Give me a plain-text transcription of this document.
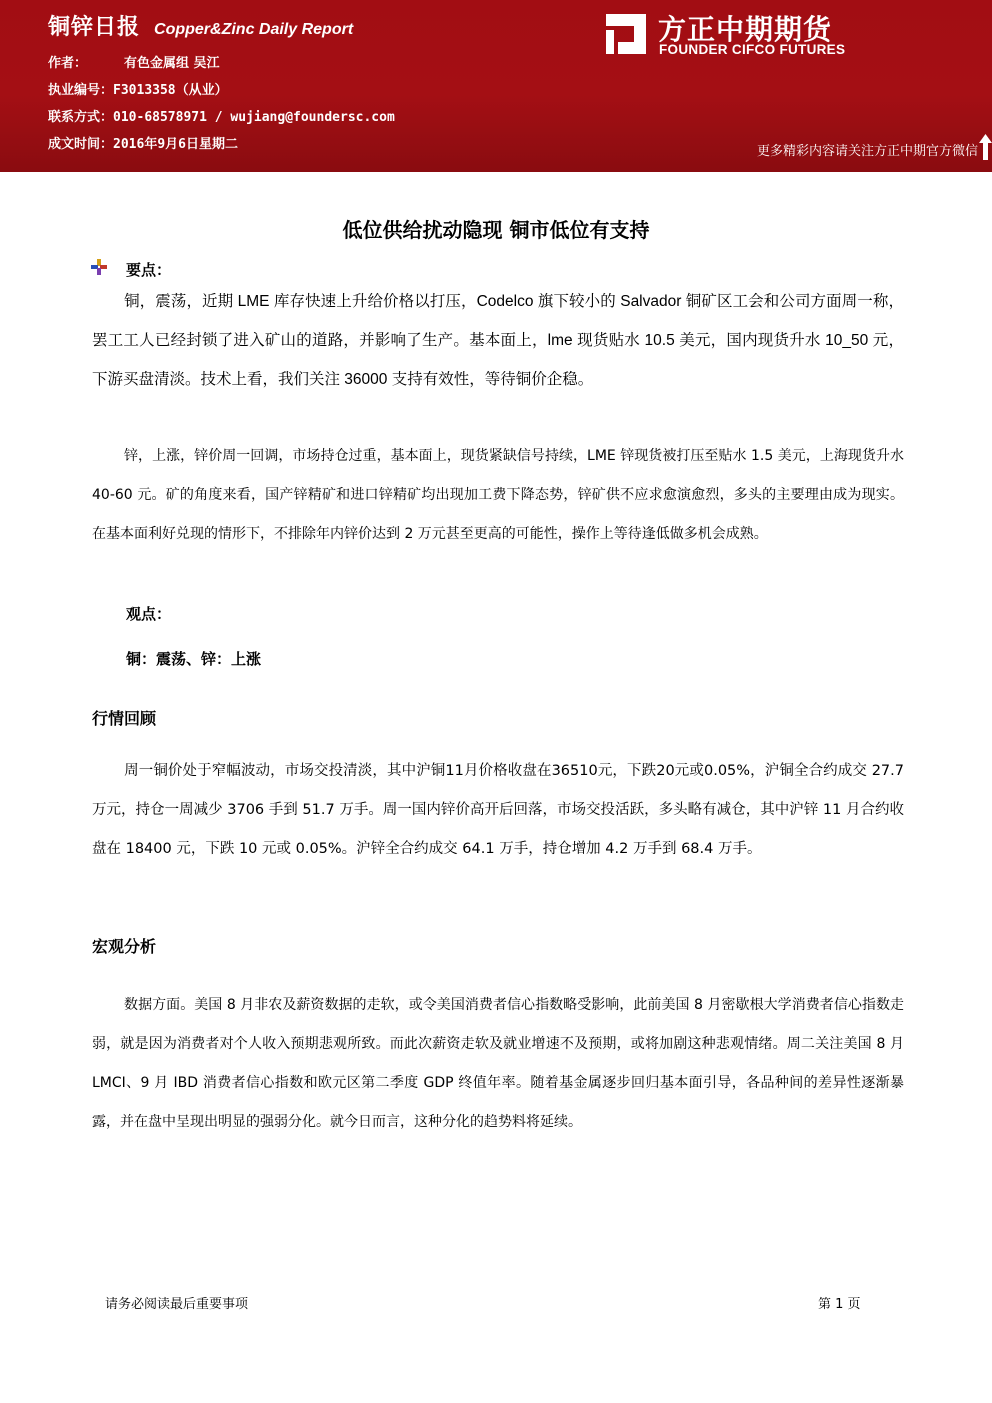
铜锌日报 Copper&Zinc Daily Report
作者：	有色金属组 吴江
执业编号：F3013358（从业）
联系方式：010-68578971 / wujiang@foundersc.com
成文时间：2016年9月6日星期二
方正中期期货
FOUNDER CIFCO FUTURES
更多精彩内容请关注方正中期官方微信
低位供给扰动隐现 铜市低位有支持
要点：

铜，震荡，近期 LME 库存快速上升给价格以打压，Codelco 旗下较小的 Salvador 铜矿区工会和公司方面周一称，罢工工人已经封锁了进入矿山的道路，并影响了生产。基本面上，lme 现货贴水 10.5 美元，国内现货升水 10_50 元，下游买盘清淡。技术上看，我们关注 36000 支持有效性，等待铜价企稳。

锌，上涨，锌价周一回调，市场持仓过重，基本面上，现货紧缺信号持续，LME 锌现货被打压至贴水 1.5 美元，上海现货升水 40-60 元。矿的角度来看，国产锌精矿和进口锌精矿均出现加工费下降态势，锌矿供不应求愈演愈烈，多头的主要理由成为现实。在基本面利好兑现的情形下，不排除年内锌价达到 2 万元甚至更高的可能性，操作上等待逢低做多机会成熟。

观点：
铜：震荡、锌：上涨
行情回顾

周一铜价处于窄幅波动，市场交投清淡，其中沪铜11月价格收盘在36510元，下跌20元或0.05%，沪铜全合约成交 27.7 万元，持仓一周减少 3706 手到 51.7 万手。周一国内锌价高开后回落，市场交投活跃，多头略有减仓，其中沪锌 11 月合约收盘在 18400 元，下跌 10 元或 0.05%。沪锌全合约成交 64.1 万手，持仓增加 4.2 万手到 68.4 万手。

宏观分析

数据方面。美国 8 月非农及薪资数据的走软，或令美国消费者信心指数略受影响，此前美国 8 月密歇根大学消费者信心指数走弱，就是因为消费者对个人收入预期悲观所致。而此次薪资走软及就业增速不及预期，或将加剧这种悲观情绪。周二关注美国 8 月 LMCI、9 月 IBD 消费者信心指数和欧元区第二季度 GDP 终值年率。随着基金属逐步回归基本面引导，各品种间的差异性逐渐暴露，并在盘中呈现出明显的强弱分化。就今日而言，这种分化的趋势料将延续。

请务必阅读最后重要事项	第 1 页
